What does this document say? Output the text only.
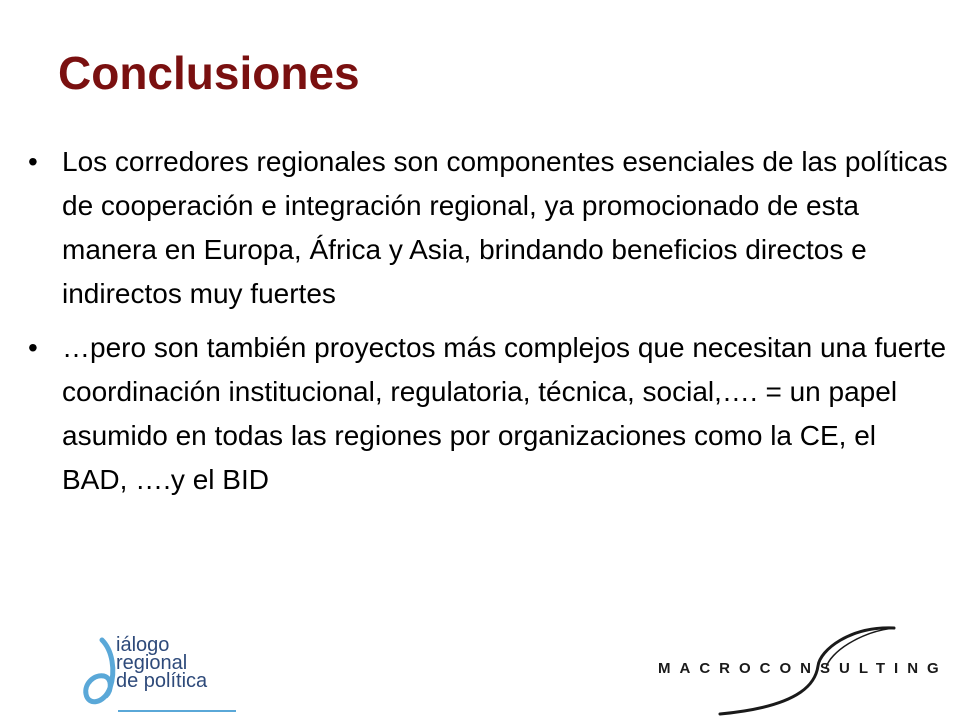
Conclusiones
• Los corredores regionales son componentes esenciales de las políticas de cooperación e integración regional, ya promocionado de esta manera en Europa, África y Asia, brindando beneficios directos e indirectos muy fuertes
• …pero son también proyectos más complejos que necesitan una fuerte coordinación institucional, regulatoria, técnica, social,…. = un papel asumido en todas las regiones por organizaciones como la CE, el BAD, ….y el BID
iálogo
regional
de política
MACROCONSULTING
